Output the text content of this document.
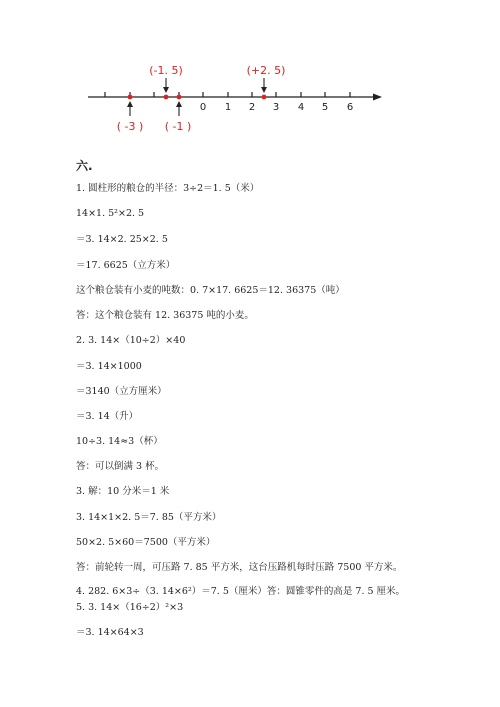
0 1 2 3 4 5 6
(-1. 5)	(+2. 5)
( -3 ) ( -1 )
六.
1. 圆柱形的粮仓的半径：3÷2＝1. 5（米）
14×1. 5²×2. 5
＝3. 14×2. 25×2. 5
＝17. 6625（立方米）
这个粮仓装有小麦的吨数：0. 7×17. 6625＝12. 36375（吨）
答：这个粮仓装有 12. 36375 吨的小麦。
2. 3. 14×（10÷2）×40
＝3. 14×1000
＝3140（立方厘米）
＝3. 14（升）
10÷3. 14≈3（杯）
答：可以倒满 3 杯。
3. 解：10 分米＝1 米
3. 14×1×2. 5＝7. 85（平方米）
50×2. 5×60＝7500（平方米）
答：前轮转一周，可压路 7. 85 平方米，这台压路机每时压路 7500 平方米。
4. 282. 6×3÷（3. 14×6²）＝7. 5（厘米）答：圆锥零件的高是 7. 5 厘米。
5. 3. 14×（16÷2）²×3
＝3. 14×64×3
